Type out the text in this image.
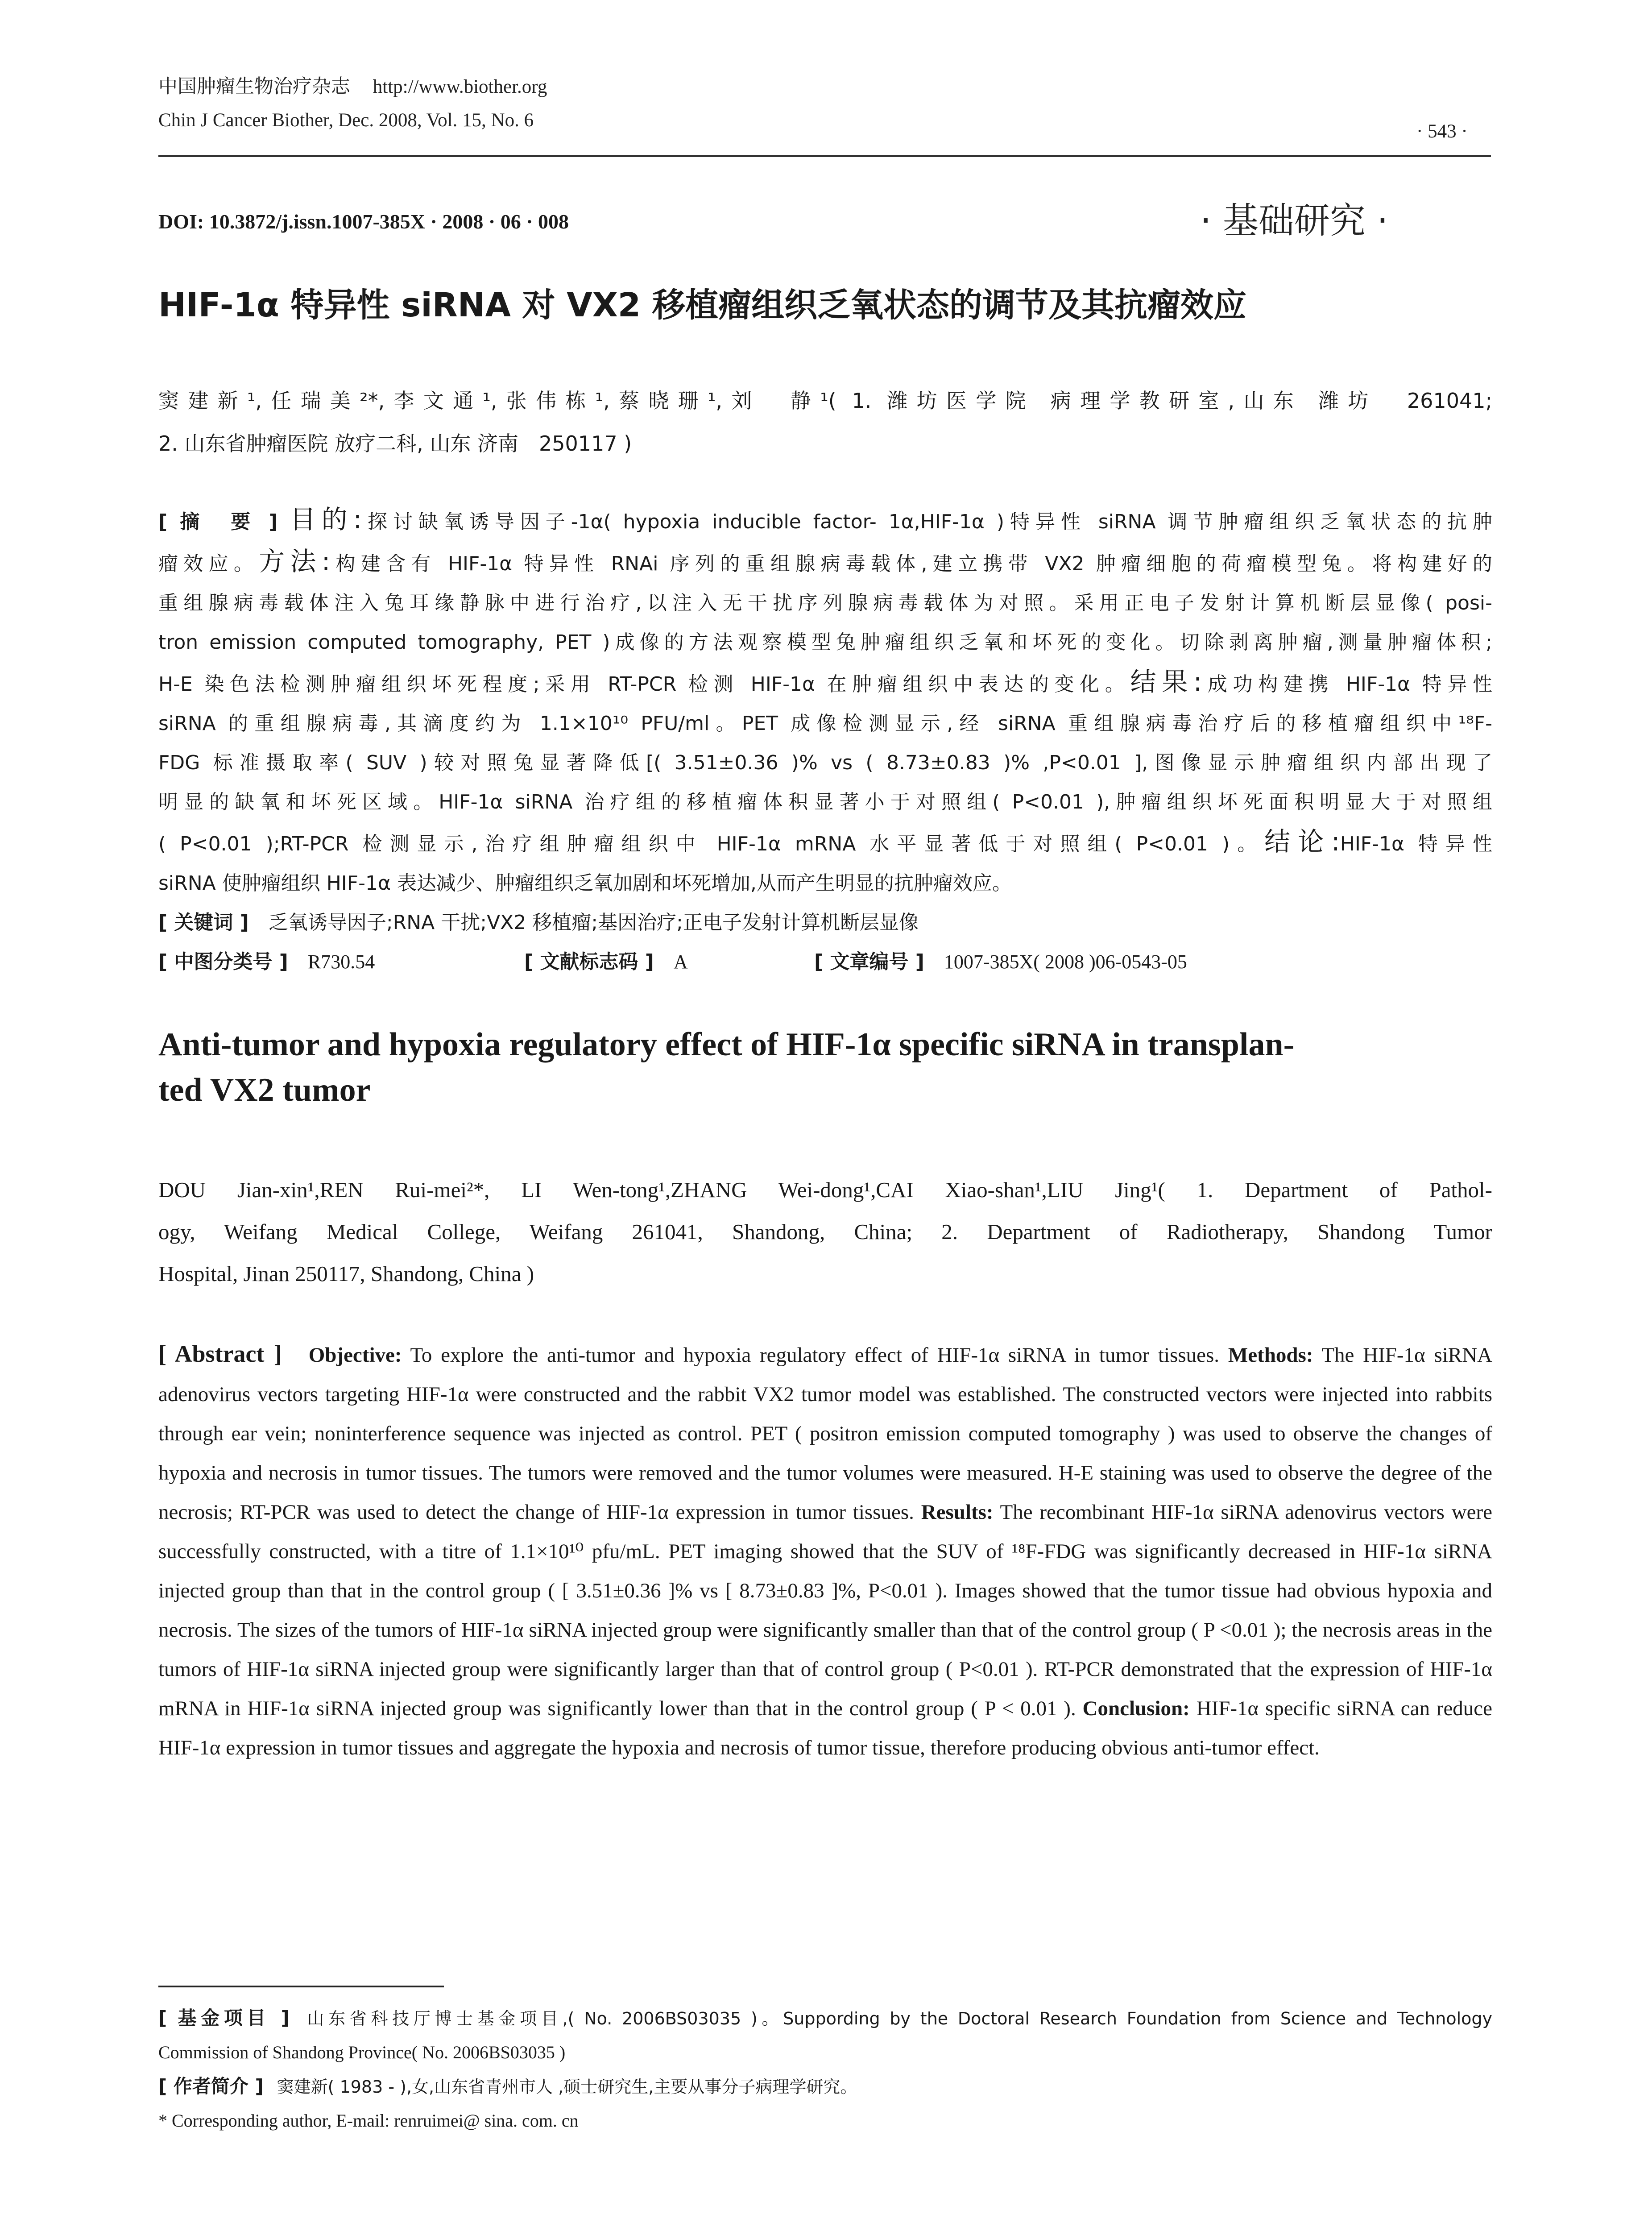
中国肿瘤生物治疗杂志 http://www.biother.org
Chin J Cancer Biother, Dec. 2008, Vol. 15, No. 6
· 543 ·
DOI: 10.3872/j.issn.1007-385X · 2008 · 06 · 008	· 基础研究 ·
HIF-1α 特异性 siRNA 对 VX2 移植瘤组织乏氧状态的调节及其抗瘤效应
窦建新¹,任瑞美²*,李文通¹,张伟栋¹,蔡晓珊¹,刘　静¹( 1. 潍坊医学院 病理学教研室,山东 潍坊　261041;
2. 山东省肿瘤医院 放疗二科, 山东 济南　250117 )
[ 摘　要 ] 目的:探讨缺氧诱导因子-1α( hypoxia inducible factor- 1α,HIF-1α )特异性 siRNA 调节肿瘤组织乏氧状态的抗肿
瘤效应。方法:构建含有 HIF-1α 特异性 RNAi 序列的重组腺病毒载体,建立携带 VX2 肿瘤细胞的荷瘤模型兔。将构建好的
重组腺病毒载体注入兔耳缘静脉中进行治疗,以注入无干扰序列腺病毒载体为对照。采用正电子发射计算机断层显像( posi-
tron emission computed tomography, PET )成像的方法观察模型兔肿瘤组织乏氧和坏死的变化。切除剥离肿瘤,测量肿瘤体积;
H-E 染色法检测肿瘤组织坏死程度;采用 RT-PCR 检测 HIF-1α 在肿瘤组织中表达的变化。结果:成功构建携 HIF-1α 特异性
siRNA 的重组腺病毒,其滴度约为 1.1×10¹⁰ PFU/ml。PET 成像检测显示,经 siRNA 重组腺病毒治疗后的移植瘤组织中¹⁸F-
FDG 标准摄取率( SUV )较对照兔显著降低[( 3.51±0.36 )% vs ( 8.73±0.83 )% ,P<0.01 ],图像显示肿瘤组织内部出现了
明显的缺氧和坏死区域。HIF-1α siRNA 治疗组的移植瘤体积显著小于对照组( P<0.01 ),肿瘤组织坏死面积明显大于对照组
( P<0.01 );RT-PCR 检测显示,治疗组肿瘤组织中 HIF-1α mRNA 水平显著低于对照组( P<0.01 )。结论:HIF-1α 特异性
siRNA 使肿瘤组织 HIF-1α 表达减少、肿瘤组织乏氧加剧和坏死增加,从而产生明显的抗肿瘤效应。
[ 关键词 ] 乏氧诱导因子;RNA 干扰;VX2 移植瘤;基因治疗;正电子发射计算机断层显像
[ 中图分类号 ] R730.54	[ 文献标志码 ] A	[ 文章编号 ] 1007-385X( 2008 )06-0543-05
Anti-tumor and hypoxia regulatory effect of HIF-1α specific siRNA in transplan-
ted VX2 tumor
DOU Jian-xin¹,REN Rui-mei²*, LI Wen-tong¹,ZHANG Wei-dong¹,CAI Xiao-shan¹,LIU Jing¹( 1. Department of Pathol-
ogy, Weifang Medical College, Weifang 261041, Shandong, China; 2. Department of Radiotherapy, Shandong Tumor
Hospital, Jinan 250117, Shandong, China )
[ Abstract ] Objective: To explore the anti-tumor and hypoxia regulatory effect of HIF-1α siRNA in tumor tissues. Methods: The HIF-1α siRNA adenovirus vectors targeting HIF-1α were constructed and the rabbit VX2 tumor model was established. The constructed vectors were injected into rabbits through ear vein; noninterference sequence was injected as control. PET ( positron emission computed tomography ) was used to observe the changes of hypoxia and necrosis in tumor tissues. The tumors were removed and the tumor volumes were measured. H-E staining was used to observe the degree of the necrosis; RT-PCR was used to detect the change of HIF-1α expression in tumor tissues. Results: The recombinant HIF-1α siRNA adenovirus vectors were successfully constructed, with a titre of 1.1×10¹⁰ pfu/mL. PET imaging showed that the SUV of ¹⁸F-FDG was significantly decreased in HIF-1α siRNA injected group than that in the control group ( [ 3.51±0.36 ]% vs [ 8.73±0.83 ]%, P<0.01 ). Images showed that the tumor tissue had obvious hypoxia and necrosis. The sizes of the tumors of HIF-1α siRNA injected group were significantly smaller than that of the control group ( P <0.01 ); the necrosis areas in the tumors of HIF-1α siRNA injected group were significantly larger than that of control group ( P<0.01 ). RT-PCR demonstrated that the expression of HIF-1α mRNA in HIF-1α siRNA injected group was significantly lower than that in the control group ( P < 0.01 ). Conclusion: HIF-1α specific siRNA can reduce HIF-1α expression in tumor tissues and aggregate the hypoxia and necrosis of tumor tissue, therefore producing obvious anti-tumor effect.
[ 基金项目 ] 山东省科技厅博士基金项目,( No. 2006BS03035 )。Suppording by the Doctoral Research Foundation from Science and Technology
Commission of Shandong Province( No. 2006BS03035 )
[ 作者简介 ] 窦建新( 1983 - ),女,山东省青州市人 ,硕士研究生,主要从事分子病理学研究。
* Corresponding author, E-mail: renruimei@ sina. com. cn
